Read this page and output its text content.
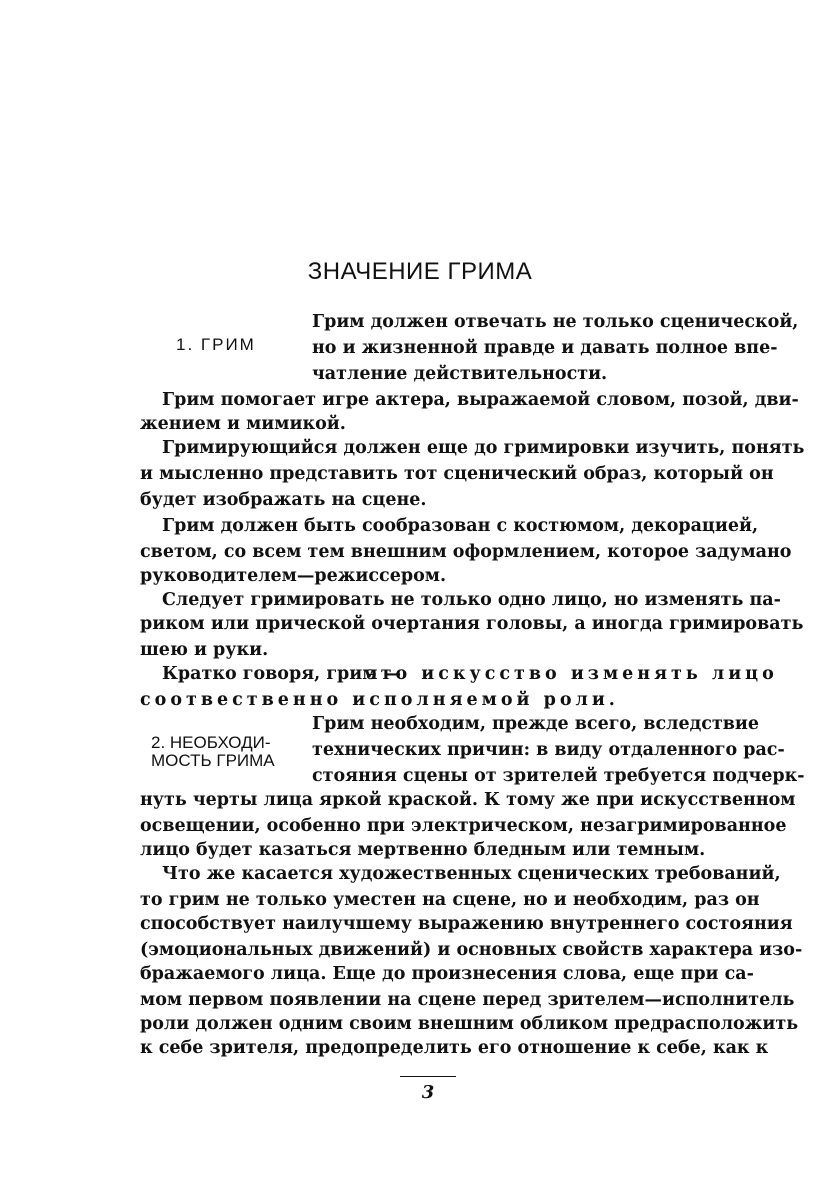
ЗНАЧЕНИЕ ГРИМА
1. ГРИМ
2. НЕОБХОДИ-
МОСТЬ ГРИМА
Грим должен отвечать не только сценической,
но и жизненной правде и давать полное впе-
чатление действительности.
Грим помогает игре актера, выражаемой словом, позой, дви-
жением и мимикой.
Гримирующийся должен еще до гримировки изучить, понять
и мысленно представить тот сценический образ, который он
будет изображать на сцене.
Грим должен быть сообразован с костюмом, декорацией,
светом, со всем тем внешним оформлением, которое задумано
руководителем—режиссером.
Следует гримировать не только одно лицо, но изменять па-
риком или прической очертания головы, а иногда гримировать
шею и руки.
Кратко говоря, грим —
это искусство изменять лицо
соотвественно исполняемой роли.
Грим необходим, прежде всего, вследствие
технических причин: в виду отдаленного рас-
стояния сцены от зрителей требуется подчерк-
нуть черты лица яркой краской. К тому же при искусственном
освещении, особенно при электрическом, незагримированное
лицо будет казаться мертвенно бледным или темным.
Что же касается художественных сценических требований,
то грим не только уместен на сцене, но и необходим, раз он
способствует наилучшему выражению внутреннего состояния
(эмоциональных движений) и основных свойств характера изо-
бражаемого лица. Еще до произнесения слова, еще при са-
мом первом появлении на сцене перед зрителем—исполнитель
роли должен одним своим внешним обликом предрасположить
к себе зрителя, предопределить его отношение к себе, как к
3
